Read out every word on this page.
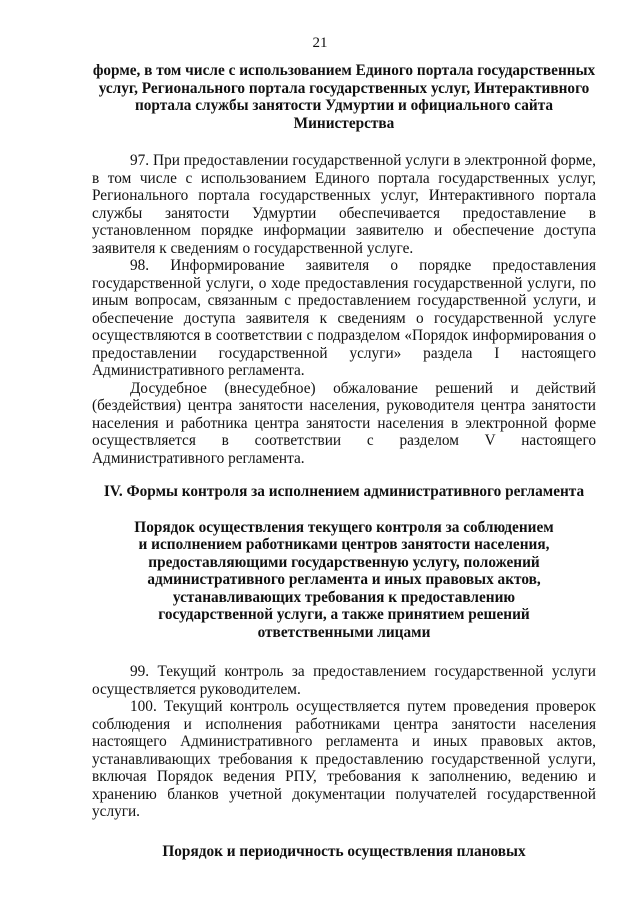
21

форме, в том числе с использованием Единого портала государственных
услуг, Регионального портала государственных услуг, Интерактивного
портала службы занятости Удмуртии и официального сайта
Министерства

97. При предоставлении государственной услуги в электронной форме, в том числе с использованием Единого портала государственных услуг, Регионального портала государственных услуг, Интерактивного портала службы занятости Удмуртии обеспечивается предоставление в установленном порядке информации заявителю и обеспечение доступа заявителя к сведениям о государственной услуге.

98. Информирование заявителя о порядке предоставления государственной услуги, о ходе предоставления государственной услуги, по иным вопросам, связанным с предоставлением государственной услуги, и обеспечение доступа заявителя к сведениям о государственной услуге осуществляются в соответствии с подразделом «Порядок информирования о предоставлении государственной услуги» раздела I настоящего Административного регламента.

Досудебное (внесудебное) обжалование решений и действий (бездействия) центра занятости населения, руководителя центра занятости населения и работника центра занятости населения в электронной форме осуществляется в соответствии с разделом V настоящего Административного регламента.

IV. Формы контроля за исполнением административного регламента

Порядок осуществления текущего контроля за соблюдением
и исполнением работниками центров занятости населения,
предоставляющими государственную услугу, положений
административного регламента и иных правовых актов,
устанавливающих требования к предоставлению
государственной услуги, а также принятием решений
ответственными лицами

99. Текущий контроль за предоставлением государственной услуги осуществляется руководителем.

100. Текущий контроль осуществляется путем проведения проверок соблюдения и исполнения работниками центра занятости населения настоящего Административного регламента и иных правовых актов, устанавливающих требования к предоставлению государственной услуги, включая Порядок ведения РПУ, требования к заполнению, ведению и хранению бланков учетной документации получателей государственной услуги.

Порядок и периодичность осуществления плановых
